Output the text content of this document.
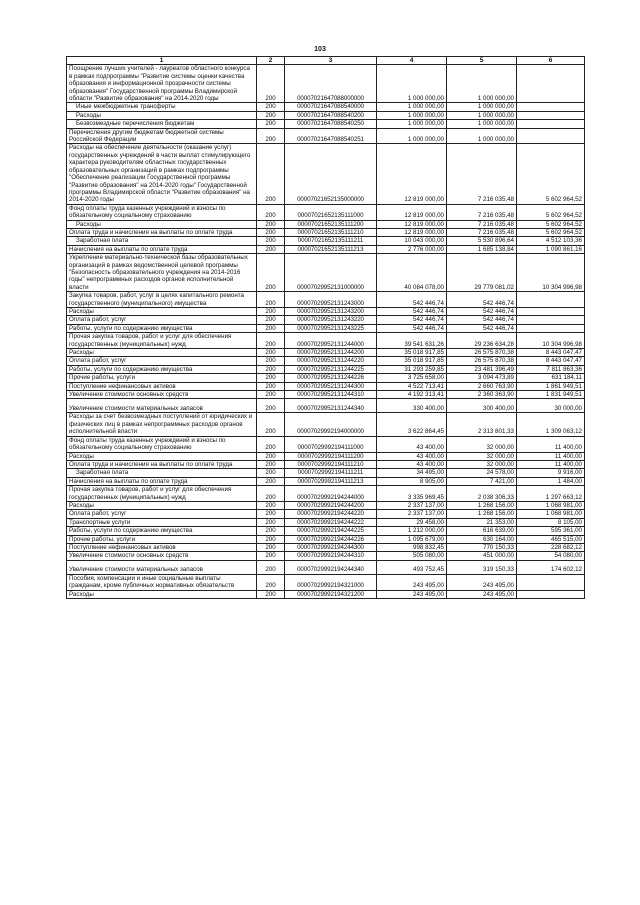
103
1	2	3	4	5	6
Поощрение лучших учителей - лауреатов областного конкурса в рамках подпрограммы "Развитие системы оценки качества образования и информационной прозрачности системы образования" Государственной программы Владимирской области "Развитие образования" на 2014-2020 годы	200	00007021647088000000	1 000 000,00	1 000 000,00	
Иные межбюджетные трансферты	200	00007021647088540000	1 000 000,00	1 000 000,00	
Расходы	200	00007021647088540200	1 000 000,00	1 000 000,00	
Безвозмездные перечисления бюджетам	200	00007021647088540250	1 000 000,00	1 000 000,00	
Перечисления другим бюджетам бюджетной системы Российской Федерации	200	00007021647088540251	1 000 000,00	1 000 000,00	
Расходы на обеспечение деятельности (оказание услуг) государственных учреждений в части выплат стимулирующего характера руководителям областных государственных образовательных организаций в рамках подпрограммы "Обеспечение реализации Государственной программы "Развитие образования" на 2014-2020 годы" Государственной программы Владимирской области "Развитие образования" на 2014-2020 годы	200	00007021652135000000	12 819 000,00	7 216 035,48	5 602 964,52
Фонд оплаты труда казенных учреждений и взносы по обязательному социальному страхованию	200	00007021652135111000	12 819 000,00	7 216 035,48	5 602 964,52
Расходы	200	00007021652135111200	12 819 000,00	7 216 035,48	5 602 964,52
Оплата труда и начисления на выплаты по оплате труда	200	00007021652135111210	12 819 000,00	7 216 035,48	5 602 964,52
Заработная плата	200	00007021652135111211	10 043 000,00	5 530 896,64	4 512 103,36
Начисления на выплаты по оплате труда	200	00007021652135111213	2 776 000,00	1 685 138,84	1 090 861,16
Укрепление материально-технической базы образовательных организаций в рамках ведомственной целевой программы "Безопасность образовательного учреждения на 2014-2016 годы" непрограммных расходов органов исполнительной власти	200	00007029952131000000	40 084 078,00	29 779 081,02	10 304 996,98
Закупка товаров, работ, услуг в целях капитального ремонта государственного (муниципального) имущества	200	00007029952131243000	542 446,74	542 446,74	
Расходы	200	00007029952131243200	542 446,74	542 446,74	
Оплата работ, услуг	200	00007029952131243220	542 446,74	542 446,74	
Работы, услуги по содержанию имущества	200	00007029952131243225	542 446,74	542 446,74	
Прочая закупка товаров, работ и услуг для обеспечения государственных (муниципальных) нужд	200	00007029952131244000	39 541 631,26	29 236 634,28	10 304 996,98
Расходы	200	00007029952131244200	35 018 917,85	26 575 870,38	8 443 047,47
Оплата работ, услуг	200	00007029952131244220	35 018 917,85	26 575 870,38	8 443 047,47
Работы, услуги по содержанию имущества	200	00007029952131244225	31 293 259,85	23 481 396,49	7 811 863,36
Прочие работы, услуги	200	00007029952131244226	3 725 658,00	3 094 473,89	631 184,11
Поступление нефинансовых активов	200	00007029952131244300	4 522 713,41	2 660 763,90	1 861 949,51
Увеличение стоимости основных средств	200	00007029952131244310	4 192 313,41	2 360 363,90	1 831 949,51
Увеличение стоимости материальных запасов	200	00007029952131244340	330 400,00	300 400,00	30 000,00
Расходы за счет безвозмездных поступлений от юридических и физических лиц в рамках непрограммных расходов органов исполнительной власти	200	00007029992194000000	3 622 864,45	2 313 801,33	1 309 063,12
Фонд оплаты труда казенных учреждений и взносы по обязательному социальному страхованию	200	00007029992194111000	43 400,00	32 000,00	11 400,00
Расходы	200	00007029992194111200	43 400,00	32 000,00	11 400,00
Оплата труда и начисления на выплаты по оплате труда	200	00007029992194111210	43 400,00	32 000,00	11 400,00
Заработная плата	200	00007029992194111211	34 495,00	24 578,00	9 916,00
Начисления на выплаты по оплате труда	200	00007029992194111213	8 905,00	7 421,00	1 484,00
Прочая закупка товаров, работ и услуг для обеспечения государственных (муниципальных) нужд	200	00007029992194244000	3 335 969,45	2 038 306,33	1 297 663,12
Расходы	200	00007029992194244200	2 337 137,00	1 268 156,00	1 068 981,00
Оплата работ, услуг	200	00007029992194244220	2 337 137,00	1 268 156,00	1 068 981,00
Транспортные услуги	200	00007029992194244222	29 458,00	21 353,00	8 105,00
Работы, услуги по содержанию имущества	200	00007029992194244225	1 212 000,00	616 639,00	595 361,00
Прочие работы, услуги	200	00007029992194244226	1 095 679,00	630 164,00	465 515,00
Поступление нефинансовых активов	200	00007029992194244300	998 832,45	770 150,33	228 682,12
Увеличение стоимости основных средств	200	00007029992194244310	505 080,00	451 000,00	54 080,00
Увеличение стоимости материальных запасов	200	00007029992194244340	493 752,45	319 150,33	174 602,12
Пособия, компенсации и иные социальные выплаты гражданам, кроме публичных нормативных обязательств	200	00007029992194321000	243 495,00	243 495,00	
Расходы	200	00007029992194321200	243 495,00	243 495,00	
